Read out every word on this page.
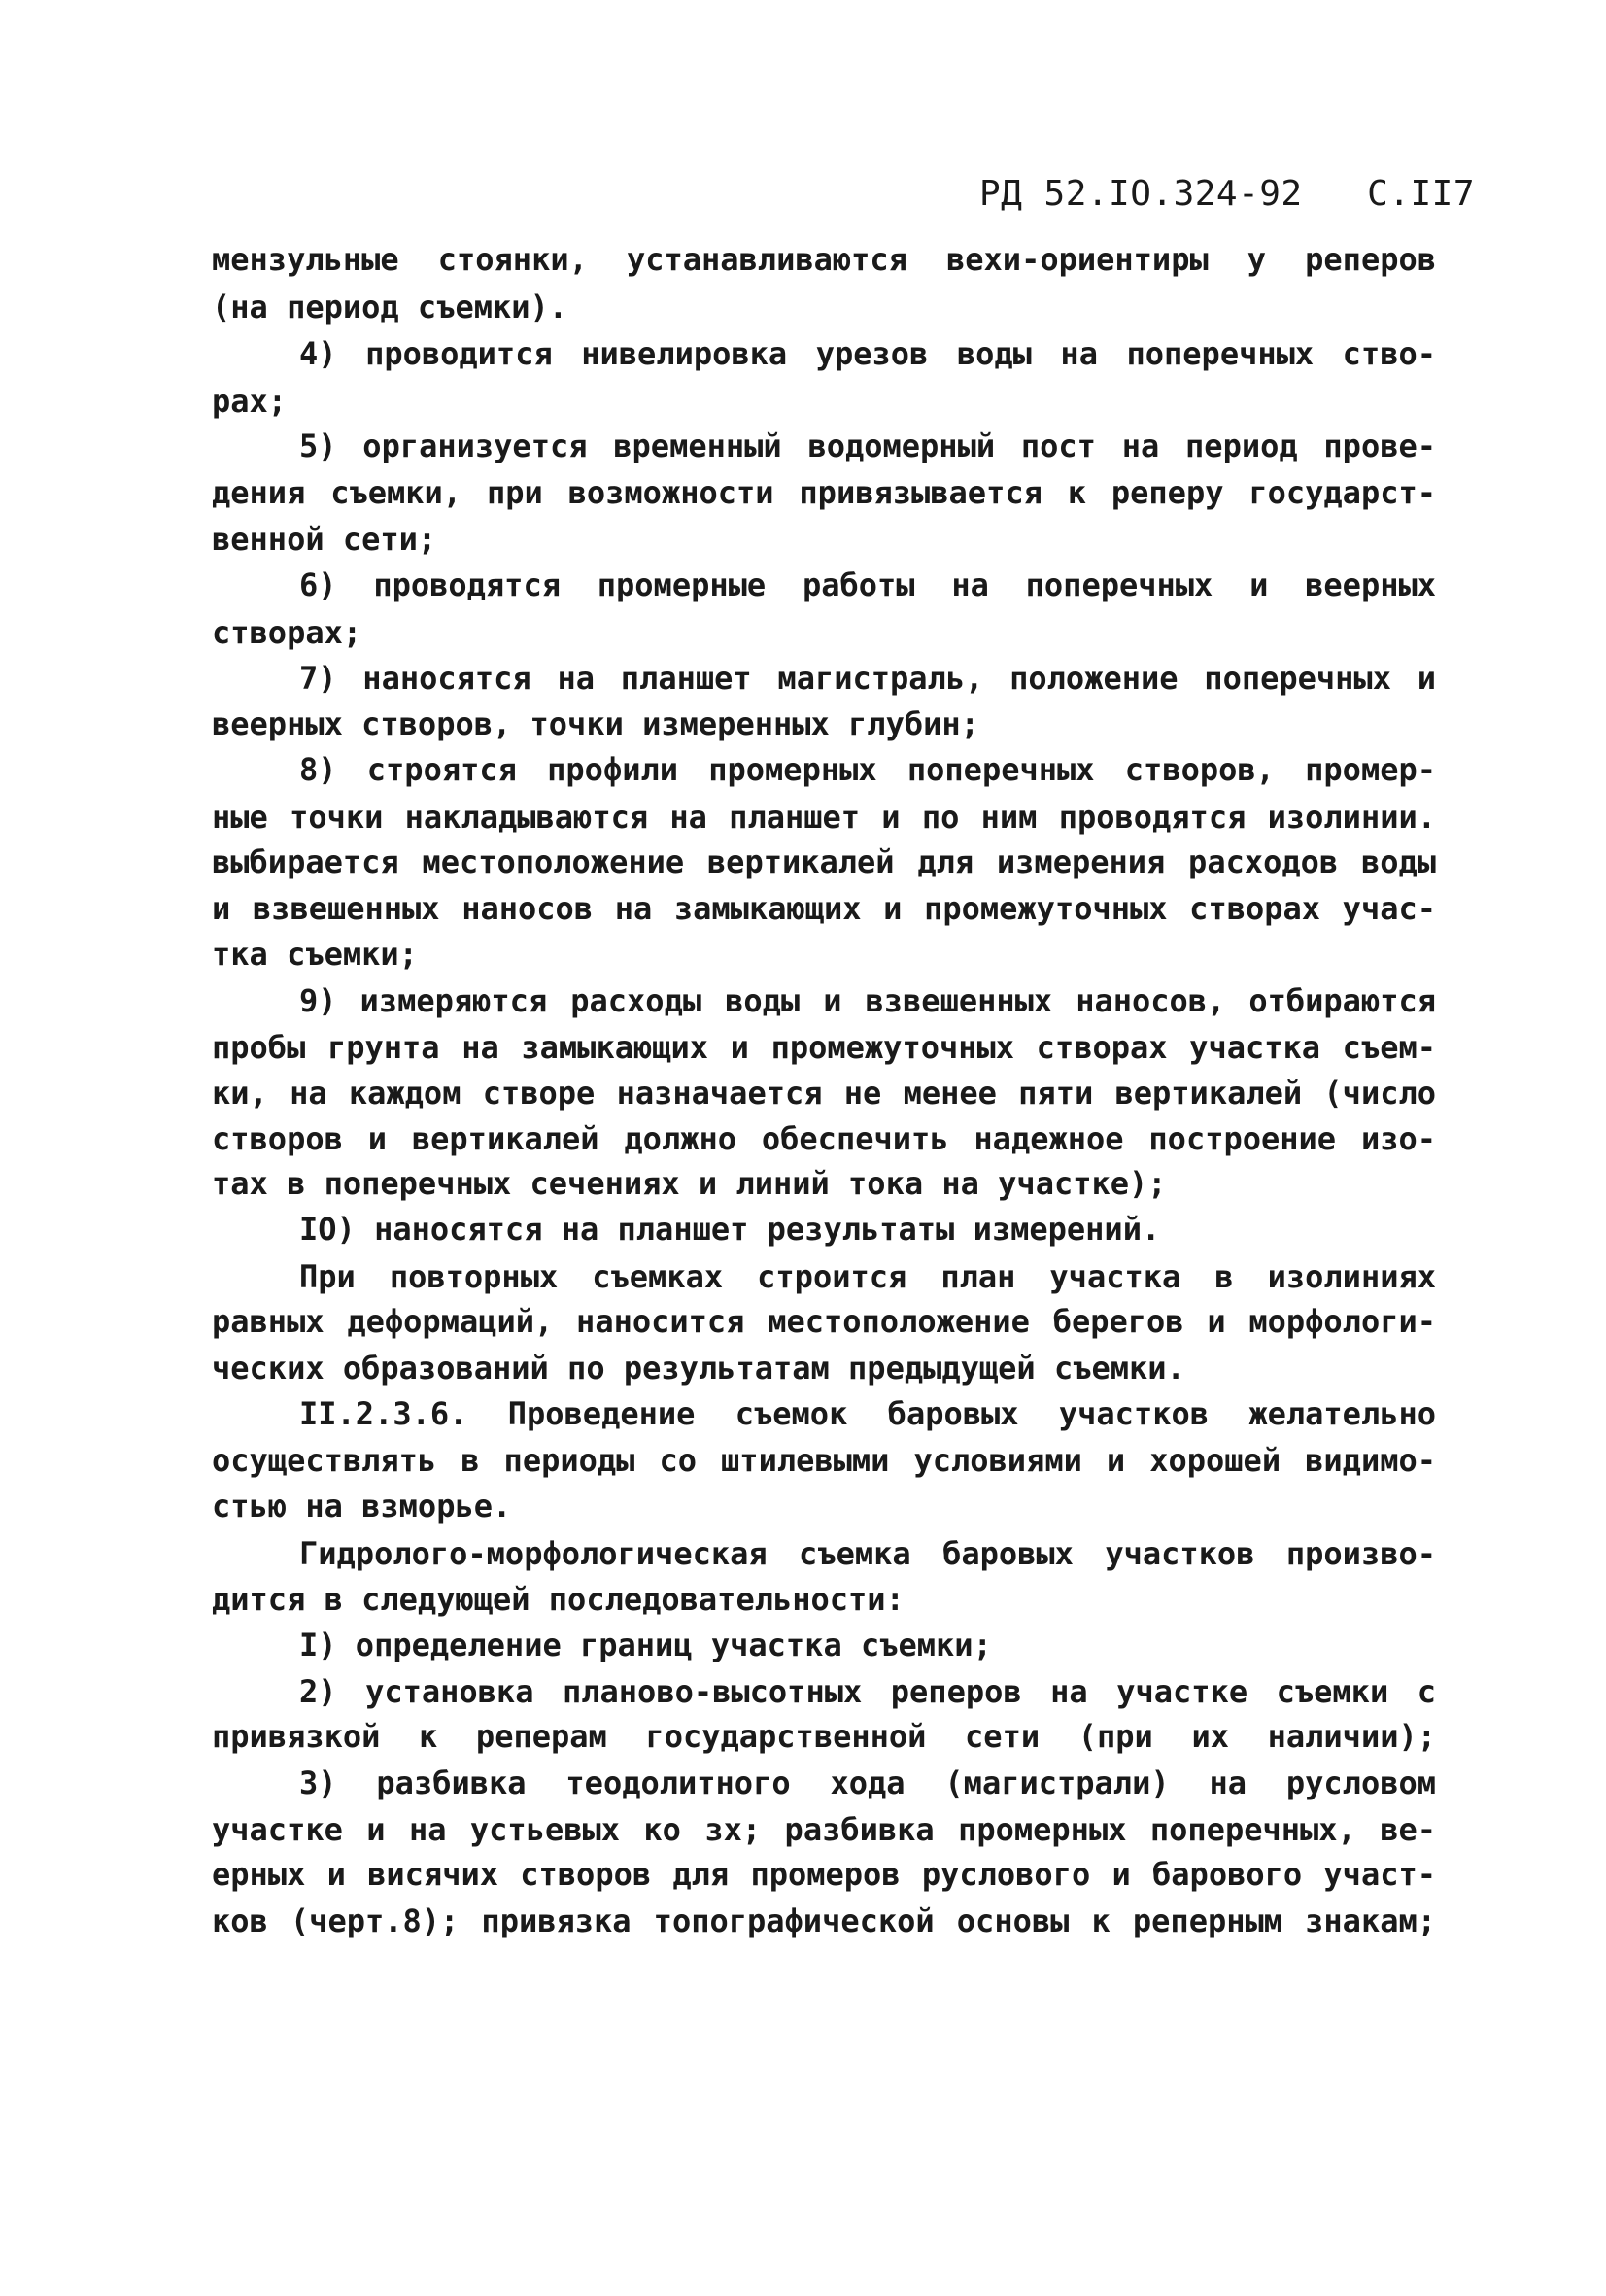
РД 52.IO.324-92 С.II7
мензульные стоянки, устанавливаются вехи-ориентиры у реперов
(на период съемки).
4) проводится нивелировка урезов воды на поперечных ство-
рах;
5) организуется временный водомерный пост на период прове-
дения съемки, при возможности привязывается к реперу государст-
венной сети;
6) проводятся промерные работы на поперечных и веерных
створах;
7) наносятся на планшет магистраль, положение поперечных и
веерных створов, точки измеренных глубин;
8) строятся профили промерных поперечных створов, промер-
ные точки накладываются на планшет и по ним проводятся изолинии.
выбирается местоположение вертикалей для измерения расходов воды
и взвешенных наносов на замыкающих и промежуточных створах учас-
тка съемки;
9) измеряются расходы воды и взвешенных наносов, отбираются
пробы грунта на замыкающих и промежуточных створах участка съем-
ки, на каждом створе назначается не менее пяти вертикалей (число
створов и вертикалей должно обеспечить надежное построение изо-
тах в поперечных сечениях и линий тока на участке);
IO) наносятся на планшет результаты измерений.
При повторных съемках строится план участка в изолиниях
равных деформаций, наносится местоположение берегов и морфологи-
ческих образований по результатам предыдущей съемки.
II.2.3.6. Проведение съемок баровых участков желательно
осуществлять в периоды со штилевыми условиями и хорошей видимо-
стью на взморье.
Гидролого-морфологическая съемка баровых участков произво-
дится в следующей последовательности:
I) определение границ участка съемки;
2) установка планово-высотных реперов на участке съемки с
привязкой к реперам государственной сети (при их наличии);
3) разбивка теодолитного хода (магистрали) на русловом
участке и на устьевых ко зх; разбивка промерных поперечных, ве-
ерных и висячих створов для промеров руслового и барового участ-
ков (черт.8); привязка топографической основы к реперным знакам;
